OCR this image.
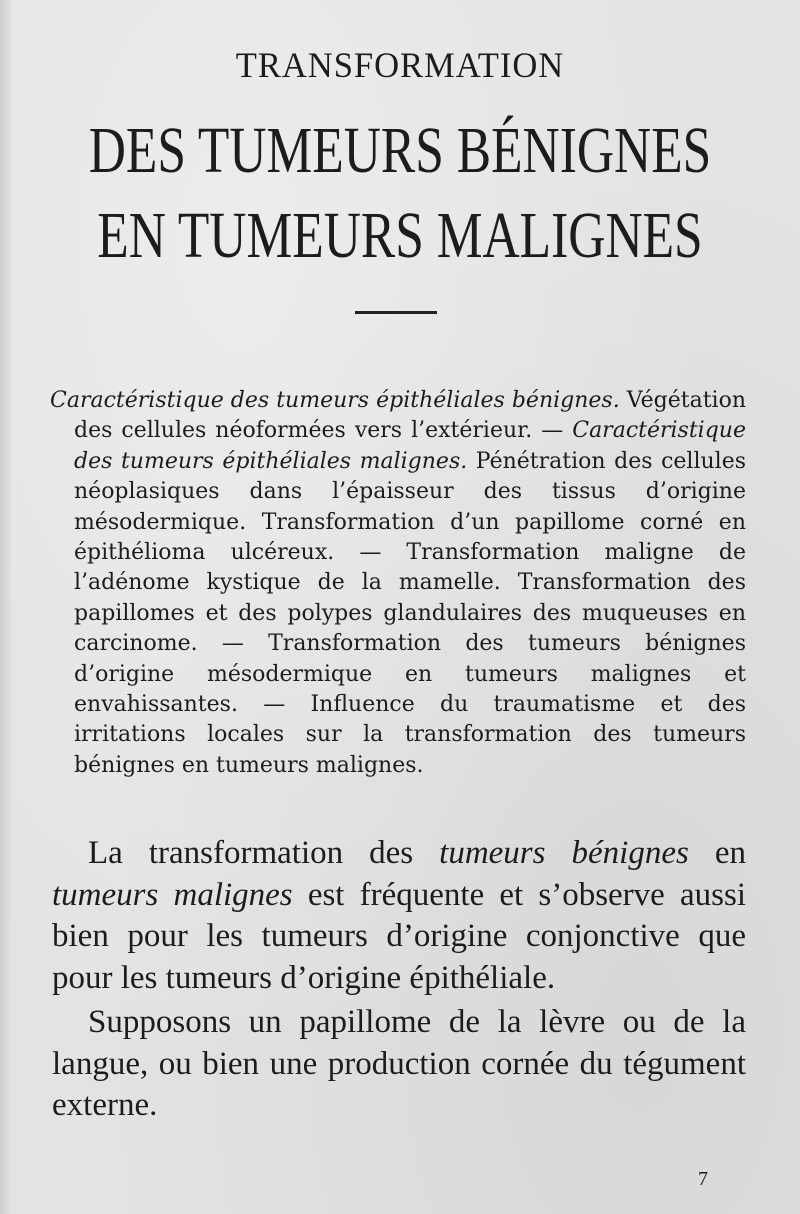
TRANSFORMATION
DES TUMEURS BÉNIGNES
EN TUMEURS MALIGNES
Caractéristique des tumeurs épithéliales bénignes. Végétation des cellules néoformées vers l’extérieur. — Caractéristique des tumeurs épithéliales malignes. Pénétration des cellules néoplasiques dans l’épaisseur des tissus d’origine mésodermique. Transformation d’un papillome corné en épithélioma ulcéreux. — Transformation maligne de l’adénome kystique de la mamelle. Transformation des papillomes et des polypes glandulaires des muqueuses en carcinome. — Transformation des tumeurs bénignes d’origine mésodermique en tumeurs malignes et envahissantes. — Influence du traumatisme et des irritations locales sur la transformation des tumeurs bénignes en tumeurs malignes.

La transformation des tumeurs bénignes en tumeurs malignes est fréquente et s’observe aussi bien pour les tumeurs d’origine conjonctive que pour les tumeurs d’origine épithéliale.

Supposons un papillome de la lèvre ou de la langue, ou bien une production cornée du tégument externe.

7
